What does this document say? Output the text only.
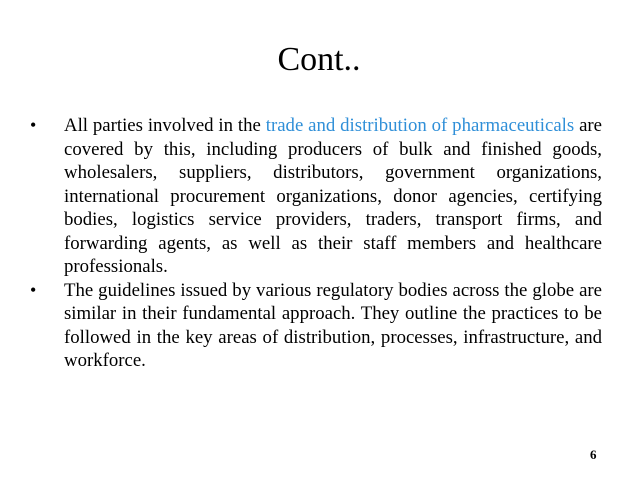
Cont..
• All parties involved in the trade and distribution of pharmaceuticals are covered by this, including producers of bulk and finished goods, wholesalers, suppliers, distributors, government organizations, international procurement organizations, donor agencies, certifying bodies, logistics service providers, traders, transport firms, and forwarding agents, as well as their staff members and healthcare professionals.
• The guidelines issued by various regulatory bodies across the globe are similar in their fundamental approach. They outline the practices to be followed in the key areas of distribution, processes, infrastructure, and workforce.
6
